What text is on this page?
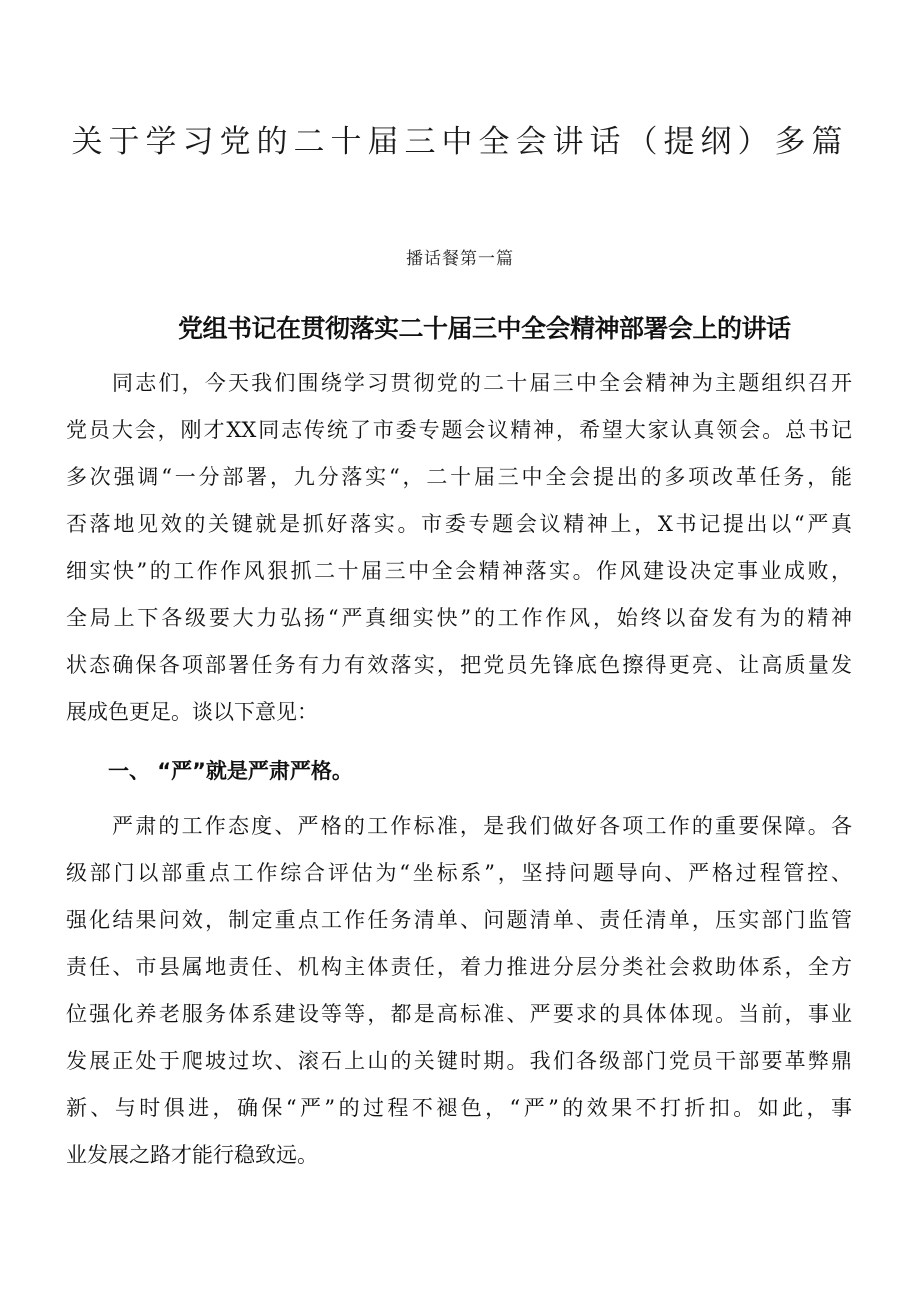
关于学习党的二十届三中全会讲话（提纲）多篇
播话餐第一篇
党组书记在贯彻落实二十届三中全会精神部署会上的讲话
同志们，今天我们围绕学习贯彻党的二十届三中全会精神为主题组织召开
党员大会，刚才XX同志传统了市委专题会议精神，希望大家认真领会。总书记
多次强调“一分部署，九分落实“，二十届三中全会提出的多项改革任务，能
否落地见效的关键就是抓好落实。市委专题会议精神上，X书记提出以“严真
细实快”的工作作风狠抓二十届三中全会精神落实。作风建设决定事业成败，
全局上下各级要大力弘扬“严真细实快”的工作作风，始终以奋发有为的精神
状态确保各项部署任务有力有效落实，把党员先锋底色擦得更亮、让高质量发
展成色更足。谈以下意见：
一、 “严”就是严肃严格。
严肃的工作态度、严格的工作标准，是我们做好各项工作的重要保障。各
级部门以部重点工作综合评估为“坐标系”，坚持问题导向、严格过程管控、
强化结果问效，制定重点工作任务清单、问题清单、责任清单，压实部门监管
责任、市县属地责任、机构主体责任，着力推进分层分类社会救助体系，全方
位强化养老服务体系建设等等，都是高标准、严要求的具体体现。当前，事业
发展正处于爬坡过坎、滚石上山的关键时期。我们各级部门党员干部要革弊鼎
新、与时俱进，确保“严”的过程不褪色，“严”的效果不打折扣。如此，事
业发展之路才能行稳致远。
